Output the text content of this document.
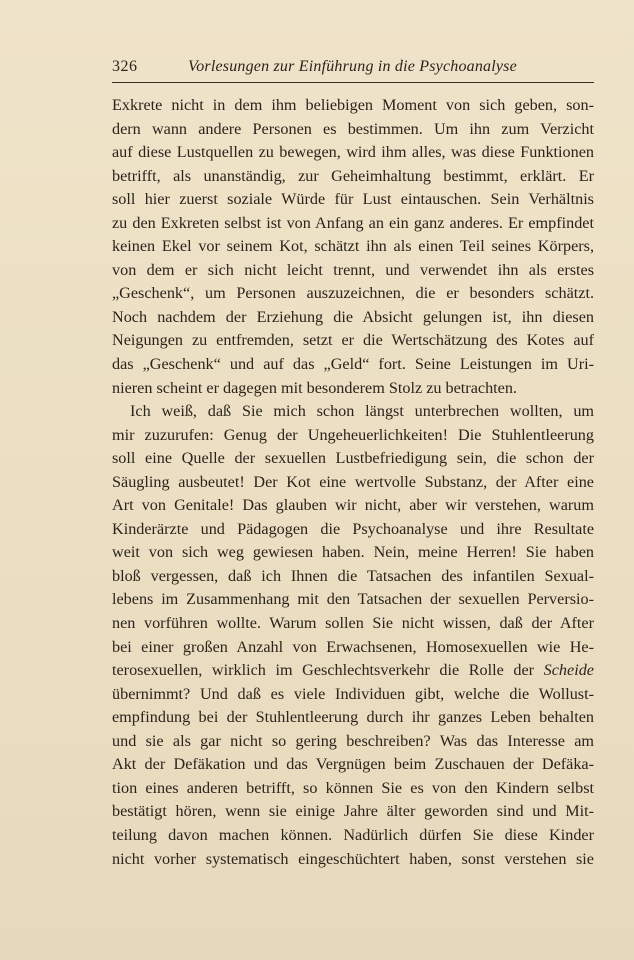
326	Vorlesungen zur Einführung in die Psychoanalyse
Exkrete nicht in dem ihm beliebigen Moment von sich geben, son-
dern wann andere Personen es bestimmen. Um ihn zum Verzicht
auf diese Lustquellen zu bewegen, wird ihm alles, was diese Funktionen
betrifft, als unanständig, zur Geheimhaltung bestimmt, erklärt. Er
soll hier zuerst soziale Würde für Lust eintauschen. Sein Verhältnis
zu den Exkreten selbst ist von Anfang an ein ganz anderes. Er empfindet
keinen Ekel vor seinem Kot, schätzt ihn als einen Teil seines Körpers,
von dem er sich nicht leicht trennt, und verwendet ihn als erstes
„Geschenk“, um Personen auszuzeichnen, die er besonders schätzt.
Noch nachdem der Erziehung die Absicht gelungen ist, ihn diesen
Neigungen zu entfremden, setzt er die Wertschätzung des Kotes auf
das „Geschenk“ und auf das „Geld“ fort. Seine Leistungen im Uri-
nieren scheint er dagegen mit besonderem Stolz zu betrachten.
Ich weiß, daß Sie mich schon längst unterbrechen wollten, um
mir zuzurufen: Genug der Ungeheuerlichkeiten! Die Stuhlentleerung
soll eine Quelle der sexuellen Lustbefriedigung sein, die schon der
Säugling ausbeutet! Der Kot eine wertvolle Substanz, der After eine
Art von Genitale! Das glauben wir nicht, aber wir verstehen, warum
Kinderärzte und Pädagogen die Psychoanalyse und ihre Resultate
weit von sich weg gewiesen haben. Nein, meine Herren! Sie haben
bloß vergessen, daß ich Ihnen die Tatsachen des infantilen Sexual-
lebens im Zusammenhang mit den Tatsachen der sexuellen Perversio-
nen vorführen wollte. Warum sollen Sie nicht wissen, daß der After
bei einer großen Anzahl von Erwachsenen, Homosexuellen wie He-
terosexuellen, wirklich im Geschlechtsverkehr die Rolle der Scheide
übernimmt? Und daß es viele Individuen gibt, welche die Wollust-
empfindung bei der Stuhlentleerung durch ihr ganzes Leben behalten
und sie als gar nicht so gering beschreiben? Was das Interesse am
Akt der Defäkation und das Vergnügen beim Zuschauen der Defäka-
tion eines anderen betrifft, so können Sie es von den Kindern selbst
bestätigt hören, wenn sie einige Jahre älter geworden sind und Mit-
teilung davon machen können. Nadürlich dürfen Sie diese Kinder
nicht vorher systematisch eingeschüchtert haben, sonst verstehen sie
